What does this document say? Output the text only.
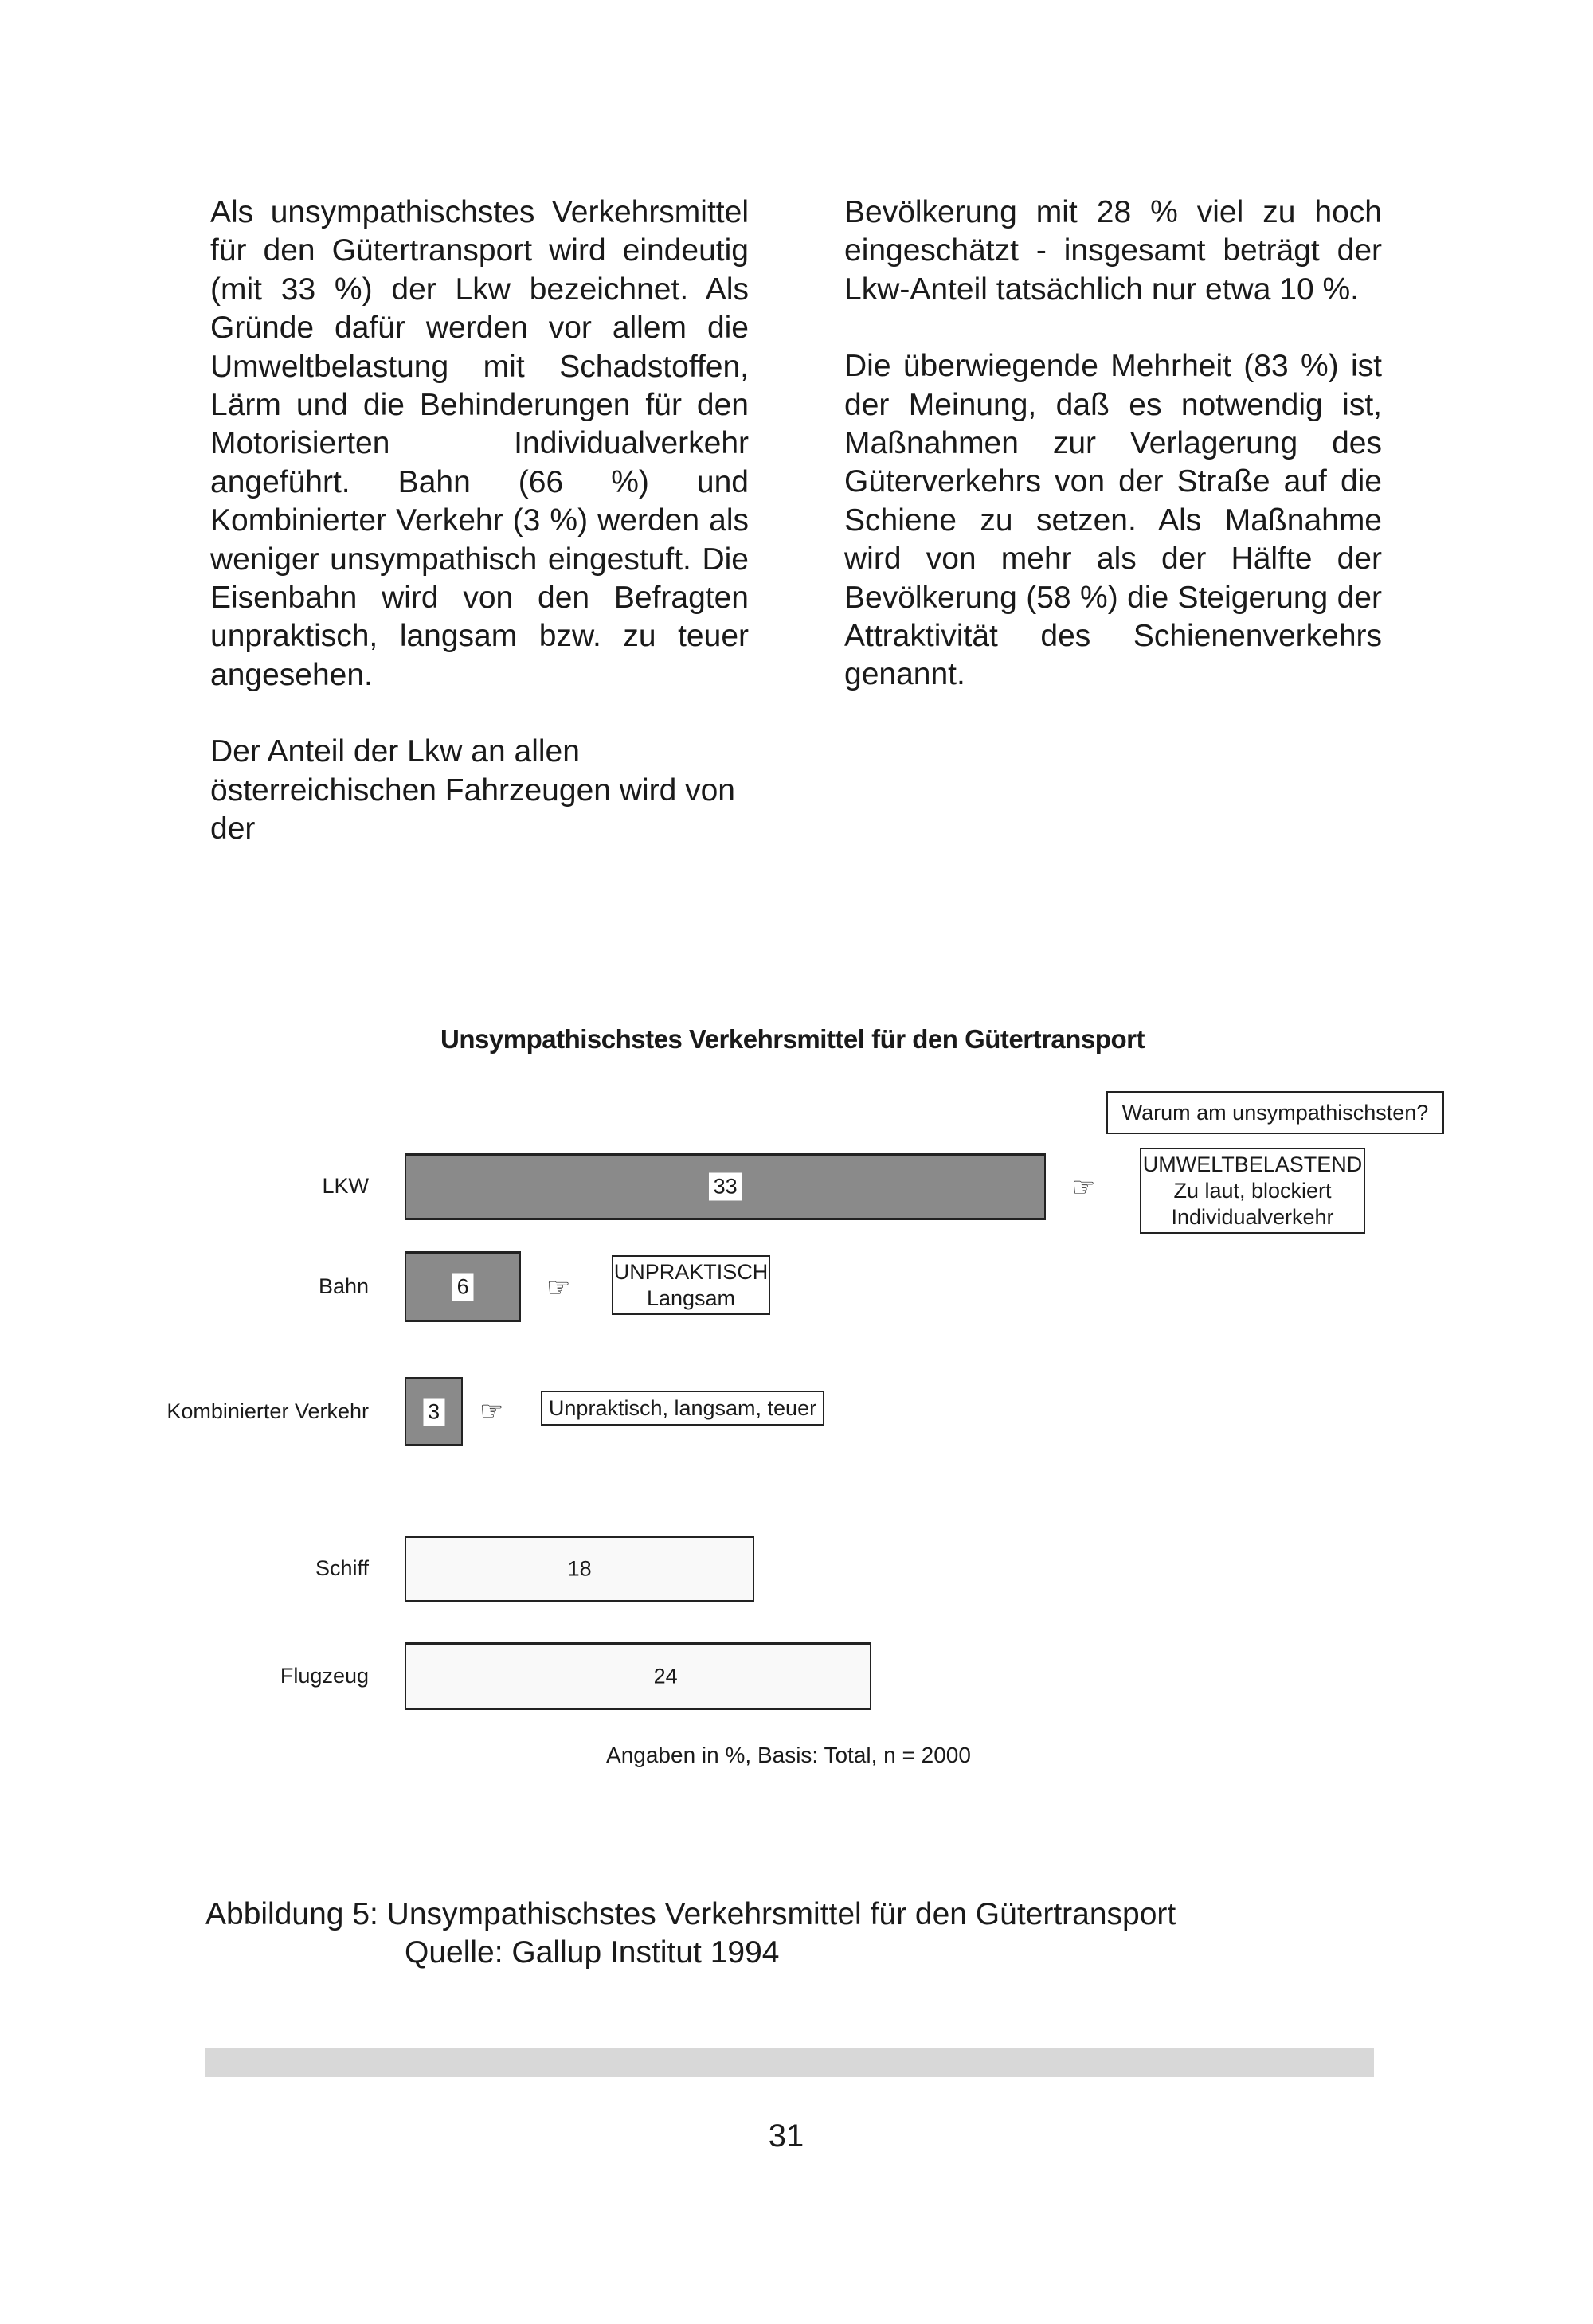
Als unsympathischstes Verkehrsmittel für den Gütertransport wird eindeutig (mit 33 %) der Lkw bezeichnet. Als Gründe dafür werden vor allem die Umweltbelastung mit Schadstoffen, Lärm und die Behinderungen für den Motorisierten Individualverkehr angeführt. Bahn (66 %) und Kombinierter Verkehr (3 %) werden als weniger unsympathisch eingestuft. Die Eisenbahn wird von den Befragten unpraktisch, langsam bzw. zu teuer angesehen.

Der Anteil der Lkw an allen österreichischen Fahrzeugen wird von der

Bevölkerung mit 28 % viel zu hoch eingeschätzt - insgesamt beträgt der Lkw-Anteil tatsächlich nur etwa 10 %.

Die überwiegende Mehrheit (83 %) ist der Meinung, daß es notwendig ist, Maßnahmen zur Verlagerung des Güterverkehrs von der Straße auf die Schiene zu setzen. Als Maßnahme wird von mehr als der Hälfte der Bevölkerung (58 %) die Steigerung der Attraktivität des Schienenverkehrs genannt.

Unsympathischstes Verkehrsmittel für den Gütertransport
LKW	33	☞
UMWELTBELASTEND
Zu laut, blockiert
Individualverkehr
Bahn	6	☞ UNPRAKTISCH
Langsam
Kombinierter Verkehr	3 ☞ Unpraktisch, langsam, teuer
Schiff	18
Flugzeug	24
Warum am unsympathischsten?
Angaben in %, Basis: Total, n = 2000
Abbildung 5: Unsympathischstes Verkehrsmittel für den Gütertransport
Quelle: Gallup Institut 1994
31
